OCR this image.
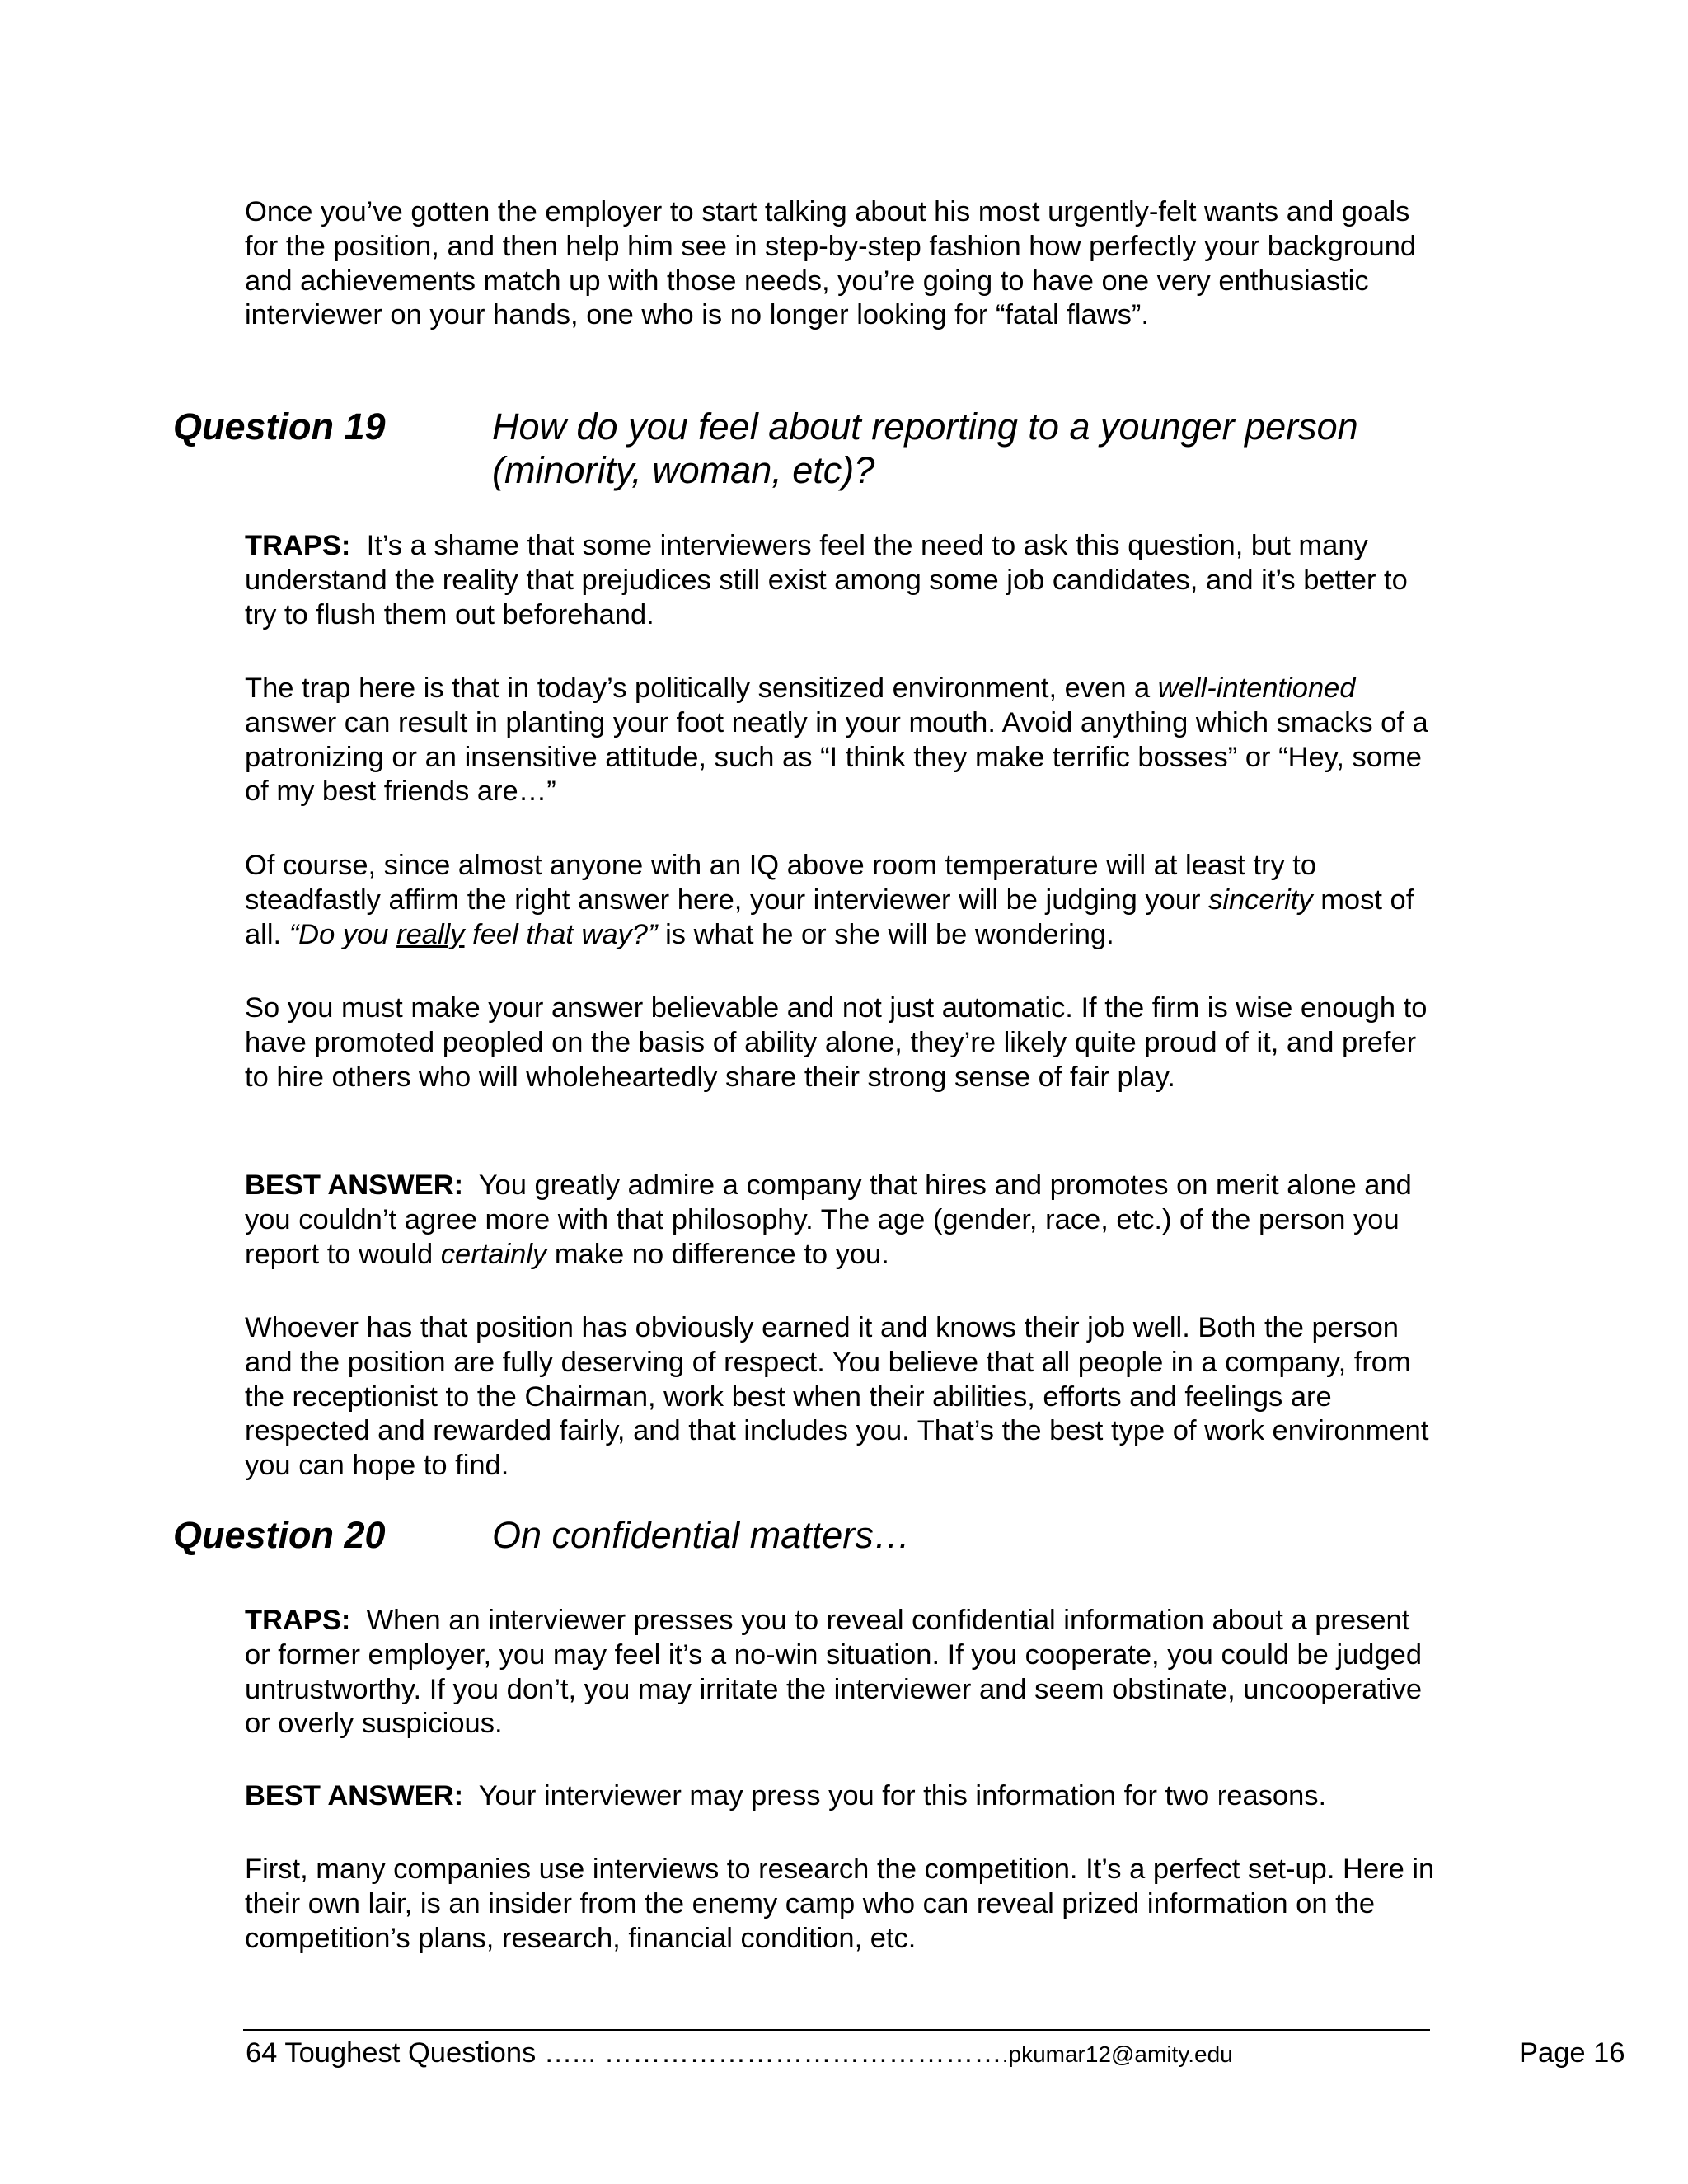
Once you’ve gotten the employer to start talking about his most urgently-felt wants and goals for the position, and then help him see in step-by-step fashion how perfectly your background and achievements match up with those needs, you’re going to have one very enthusiastic interviewer on your hands, one who is no longer looking for “fatal flaws”.

Question 19	How do you feel about reporting to a younger person (minority, woman, etc)?

TRAPS: It’s a shame that some interviewers feel the need to ask this question, but many understand the reality that prejudices still exist among some job candidates, and it’s better to try to flush them out beforehand.

The trap here is that in today’s politically sensitized environment, even a well-intentioned answer can result in planting your foot neatly in your mouth. Avoid anything which smacks of a patronizing or an insensitive attitude, such as “I think they make terrific bosses” or “Hey, some of my best friends are…”

Of course, since almost anyone with an IQ above room temperature will at least try to steadfastly affirm the right answer here, your interviewer will be judging your sincerity most of all. “Do you really feel that way?” is what he or she will be wondering.

So you must make your answer believable and not just automatic. If the firm is wise enough to have promoted peopled on the basis of ability alone, they’re likely quite proud of it, and prefer to hire others who will wholeheartedly share their strong sense of fair play.

BEST ANSWER: You greatly admire a company that hires and promotes on merit alone and you couldn’t agree more with that philosophy. The age (gender, race, etc.) of the person you report to would certainly make no difference to you.

Whoever has that position has obviously earned it and knows their job well. Both the person and the position are fully deserving of respect. You believe that all people in a company, from the receptionist to the Chairman, work best when their abilities, efforts and feelings are respected and rewarded fairly, and that includes you. That’s the best type of work environment you can hope to find.

Question 20	On confidential matters…

TRAPS: When an interviewer presses you to reveal confidential information about a present or former employer, you may feel it’s a no-win situation. If you cooperate, you could be judged untrustworthy. If you don’t, you may irritate the interviewer and seem obstinate, uncooperative or overly suspicious.

BEST ANSWER: Your interviewer may press you for this information for two reasons.

First, many companies use interviews to research the competition. It’s a perfect set-up. Here in their own lair, is an insider from the enemy camp who can reveal prized information on the competition’s plans, research, financial condition, etc.

64 Toughest Questions …... …………………………………….pkumar12@amity.edu	Page 16
